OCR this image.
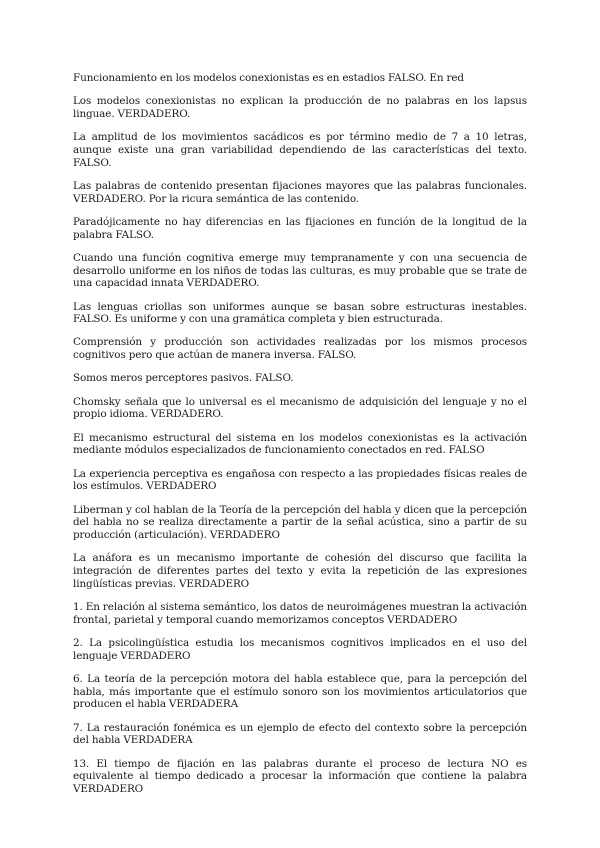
Funcionamiento en los modelos conexionistas es en estadios FALSO. En red

Los modelos conexionistas no explican la producción de no palabras en los lapsus linguae. VERDADERO.

La amplitud de los movimientos sacádicos es por término medio de 7 a 10 letras, aunque existe una gran variabilidad dependiendo de las características del texto. FALSO.

Las palabras de contenido presentan fijaciones mayores que las palabras funcionales. VERDADERO. Por la ricura semántica de las contenido.

Paradójicamente no hay diferencias en las fijaciones en función de la longitud de la palabra FALSO.

Cuando una función cognitiva emerge muy tempranamente y con una secuencia de desarrollo uniforme en los niños de todas las culturas, es muy probable que se trate de una capacidad innata VERDADERO.

Las lenguas criollas son uniformes aunque se basan sobre estructuras inestables. FALSO. Es uniforme y con una gramática completa y bien estructurada.

Comprensión y producción son actividades realizadas por los mismos procesos cognitivos pero que actúan de manera inversa. FALSO.

Somos meros perceptores pasivos. FALSO.

Chomsky señala que lo universal es el mecanismo de adquisición del lenguaje y no el propio idioma. VERDADERO.

El mecanismo estructural del sistema en los modelos conexionistas es la activación mediante módulos especializados de funcionamiento conectados en red. FALSO

La experiencia perceptiva es engañosa con respecto a las propiedades físicas reales de los estímulos. VERDADERO

Liberman y col hablan de la Teoría de la percepción del habla y dicen que la percepción del habla no se realiza directamente a partir de la señal acústica, sino a partir de su producción (articulación). VERDADERO

La anáfora es un mecanismo importante de cohesión del discurso que facilita la integración de diferentes partes del texto y evita la repetición de las expresiones lingüísticas previas. VERDADERO

1. En relación al sistema semántico, los datos de neuroimágenes muestran la activación frontal, parietal y temporal cuando memorizamos conceptos VERDADERO

2. La psicolingüística estudia los mecanismos cognitivos implicados en el uso del lenguaje VERDADERO

6. La teoría de la percepción motora del habla establece que, para la percepción del habla, más importante que el estímulo sonoro son los movimientos articulatorios que producen el habla VERDADERA

7. La restauración fonémica es un ejemplo de efecto del contexto sobre la percepción del habla VERDADERA

13. El tiempo de fijación en las palabras durante el proceso de lectura NO es equivalente al tiempo dedicado a procesar la información que contiene la palabra VERDADERO
